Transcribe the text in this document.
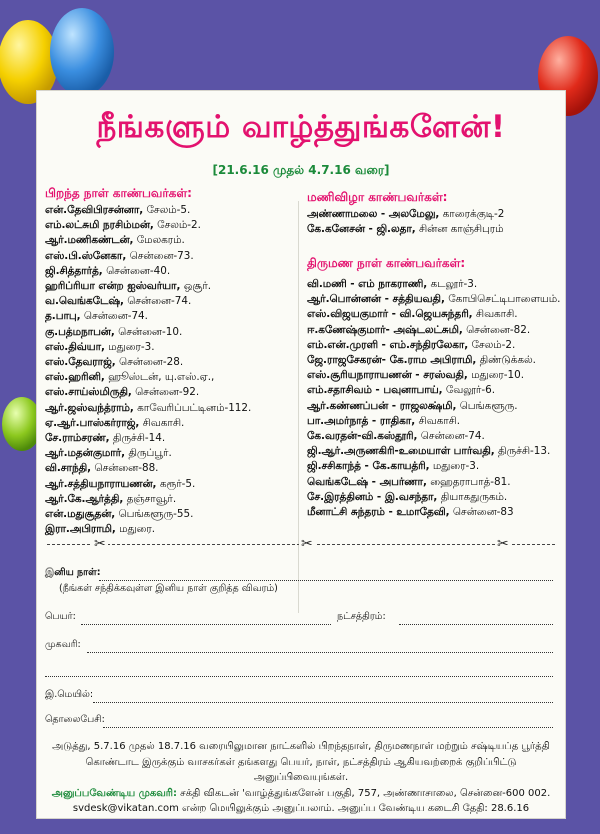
நீங்களும் வாழ்த்துங்களேன்!
[21.6.16 முதல் 4.7.16 வரை]
பிறந்த நாள் காண்பவர்கள்:
என்.தேவிபிரசன்னா, சேலம்-5.
எம்.லட்சுமி நரசிம்மன், சேலம்-2.
ஆர்.மணிகண்டன், மேலகரம்.
எஸ்.பி.ஸ்னேகா, சென்னை-73.
ஜி.சித்தார்த், சென்னை-40.
ஹரிப்ரியா என்ற ஐஸ்வர்யா, ஒசூர்.
வ.வெங்கடேஷ், சென்னை-74.
த.பாபு, சென்னை-74.
கு.பத்மநாபன், சென்னை-10.
எஸ்.திவ்யா, மதுரை-3.
எஸ்.தேவராஜ், சென்னை-28.
எஸ்.ஹரினி, ஹூஸ்டன், யு.எஸ்.ஏ.,
எஸ்.சாய்ஸ்மிருதி, சென்னை-92.
ஆர்.ஜஸ்வந்த்ராம், காவேரிப்பட்டினம்-112.
ஏ.ஆர்.பாஸ்கர்ராஜ், சிவகாசி.
சே.ராம்சரண், திருச்சி-14.
ஆர்.மதன்குமார், திருப்பூர்.
வி.சாந்தி, சென்னை-88.
ஆர்.சத்தியநாராயணன், கரூர்-5.
ஆர்.கே.ஆர்த்தி, தஞ்சாவூர்.
என்.மதுசூதன், பெங்களூரு-55.
இரா.அபிராமி, மதுரை.
மணிவிழா காண்பவர்கள்:
அண்ணாமலை - அலமேலு, காரைக்குடி-2
கே.கனேசன் - ஜி.லதா, சின்ன காஞ்சிபுரம்
திருமண நாள் காண்பவர்கள்:
வி.மணி - எம் நாகராணி, கடலூர்-3.
ஆர்.பொன்னன் - சத்தியவதி, கோபிசெட்டிபாளையம்.
எஸ்.விஜயகுமார் - வி.ஜெயசுந்தரி, சிவகாசி.
ஈ.கணேஷ்குமார்- அஷ்டலட்சுமி, சென்னை-82.
எம்.என்.முரளி - எம்.சந்திரலேகா, சேலம்-2.
ஜே.ராஜசேகரன்- கே.ராம அபிராமி, திண்டுக்கல்.
எஸ்.சூரியநாராயணன் - சரஸ்வதி, மதுரை-10.
எம்.சதாசிவம் - பவுனாபாய், வேலூர்-6.
ஆர்.கண்ணப்பன் - ராஜலக்ஷ்மி, பெங்களூரு.
பா.அமர்நாத் - ராதிகா, சிவகாசி.
கே.வரதன்-வி.கஸ்தூரி, சென்னை-74.
ஜி.ஆர்.அருணகிரி-உமையாள் பார்வதி, திருச்சி-13.
ஜி.சசிகாந்த் - கே.காயத்ரி, மதுரை-3.
வெங்கடேஷ் - அபர்ணா, ஹைதராபாத்-81.
சே.இரத்தினம் - இ.வசந்தா, தியாகதுருகம்.
மீனாட்சி சுந்தரம் - உமாதேவி, சென்னை-83
✂	✂	✂
இனிய நாள்:
(நீங்கள் சந்திக்கவுள்ள இனிய நாள் குறித்த விவரம்)
பெயர்:	நட்சத்திரம்:
முகவரி:
இ.மெயில்:
தொலைபேசி:
அடுத்து, 5.7.16 முதல் 18.7.16 வரையிலுமான நாட்களில் பிறந்தநாள், திருமணநாள் மற்றும் சஷ்டியப்த பூர்த்தி
கொண்டாட இருக்கும் வாசகர்கள் தங்களது பெயர், நாள், நட்சத்திரம் ஆகியவற்றைக் குறிப்பிட்டு அனுப்பிவையுங்கள்.
அனுப்பவேண்டிய முகவரி: சக்தி விகடன் 'வாழ்த்துங்களேன் பகுதி, 757, அண்ணாசாலை, சென்னை-600 002.
svdesk@vikatan.com என்ற மெயிலுக்கும் அனுப்பலாம். அனுப்ப வேண்டிய கடைசி தேதி: 28.6.16
